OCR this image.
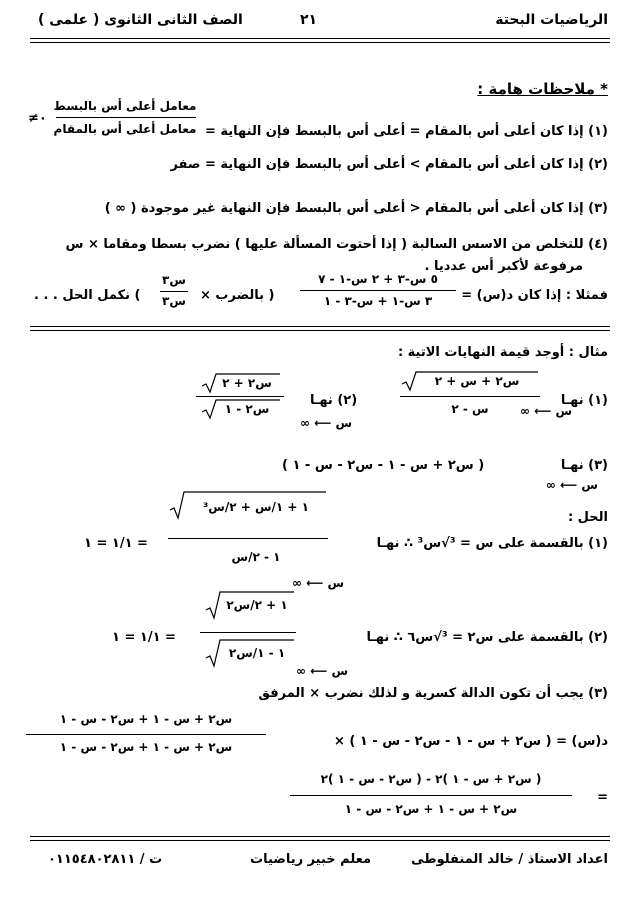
الرياضيات البحتة
٢١
الصف الثانى الثانوى ( علمى )
* ملاحظات هامة :
(١) إذا كان أعلى أس بالمقام = أعلى أس بالبسط فإن النهاية =
معامل أعلى أس بالبسط
معامل أعلى أس بالمقام
≠٠
(٢) إذا كان أعلى أس بالمقام > أعلى أس بالبسط فإن النهاية = صفر
(٣) إذا كان أعلى أس بالمقام < أعلى أس بالبسط فإن النهاية غير موجودة ( ∞ )
(٤) للتخلص من الاسس السالبة ( إذا أحتوت المسألة عليها ) نضرب بسطا ومقاما × س
مرفوعة لأكبر أس عدديا .
فمثلا : إذا كان د(س) =
٥ س-٣ + ٢ س-١ - ٧
٣ س-١ + س-٣ - ١
( بالضرب ×
س٣
س٣
) نكمل الحل . . .
مثال : أوجد قيمة النهايات الاتية :
(١) نهـا
س٢ + س + ٢
س - ٢	س ⟵ ∞
(٢) نهـا
س٢ + ٢
س٢ - ١
س ⟵ ∞
(٣) نهـا
( س٢ + س - ١ - س٢ - س - ١ )
س ⟵ ∞
الحل :
(١) بالقسمة على س = ³√س³ ∴ نهـا
١ + ١/س + ٢/س³
١ - ٢/س
س ⟵ ∞
= ١/١ = ١
(٢) بالقسمة على س٢ = ³√س٦ ∴ نهـا
١ + ٢/س٢
١ - ١/س٢
س ⟵ ∞
= ١/١ = ١
(٣) يجب أن تكون الدالة كسرية و لذلك نضرب × المرفق
د(س) = ( س٢ + س - ١ - س٢ - س - ١ ) ×
س٢ + س - ١ + س٢ - س - ١
س٢ + س - ١ + س٢ - س - ١
=
( س٢ + س - ١ )٢ - ( س٢ - س - ١ )٢
س٢ + س - ١ + س٢ - س - ١
اعداد الاستاذ / خالد المنفلوطى
معلم خبير رياضيات
ت / ٠١١٥٤٨٠٢٨١١
